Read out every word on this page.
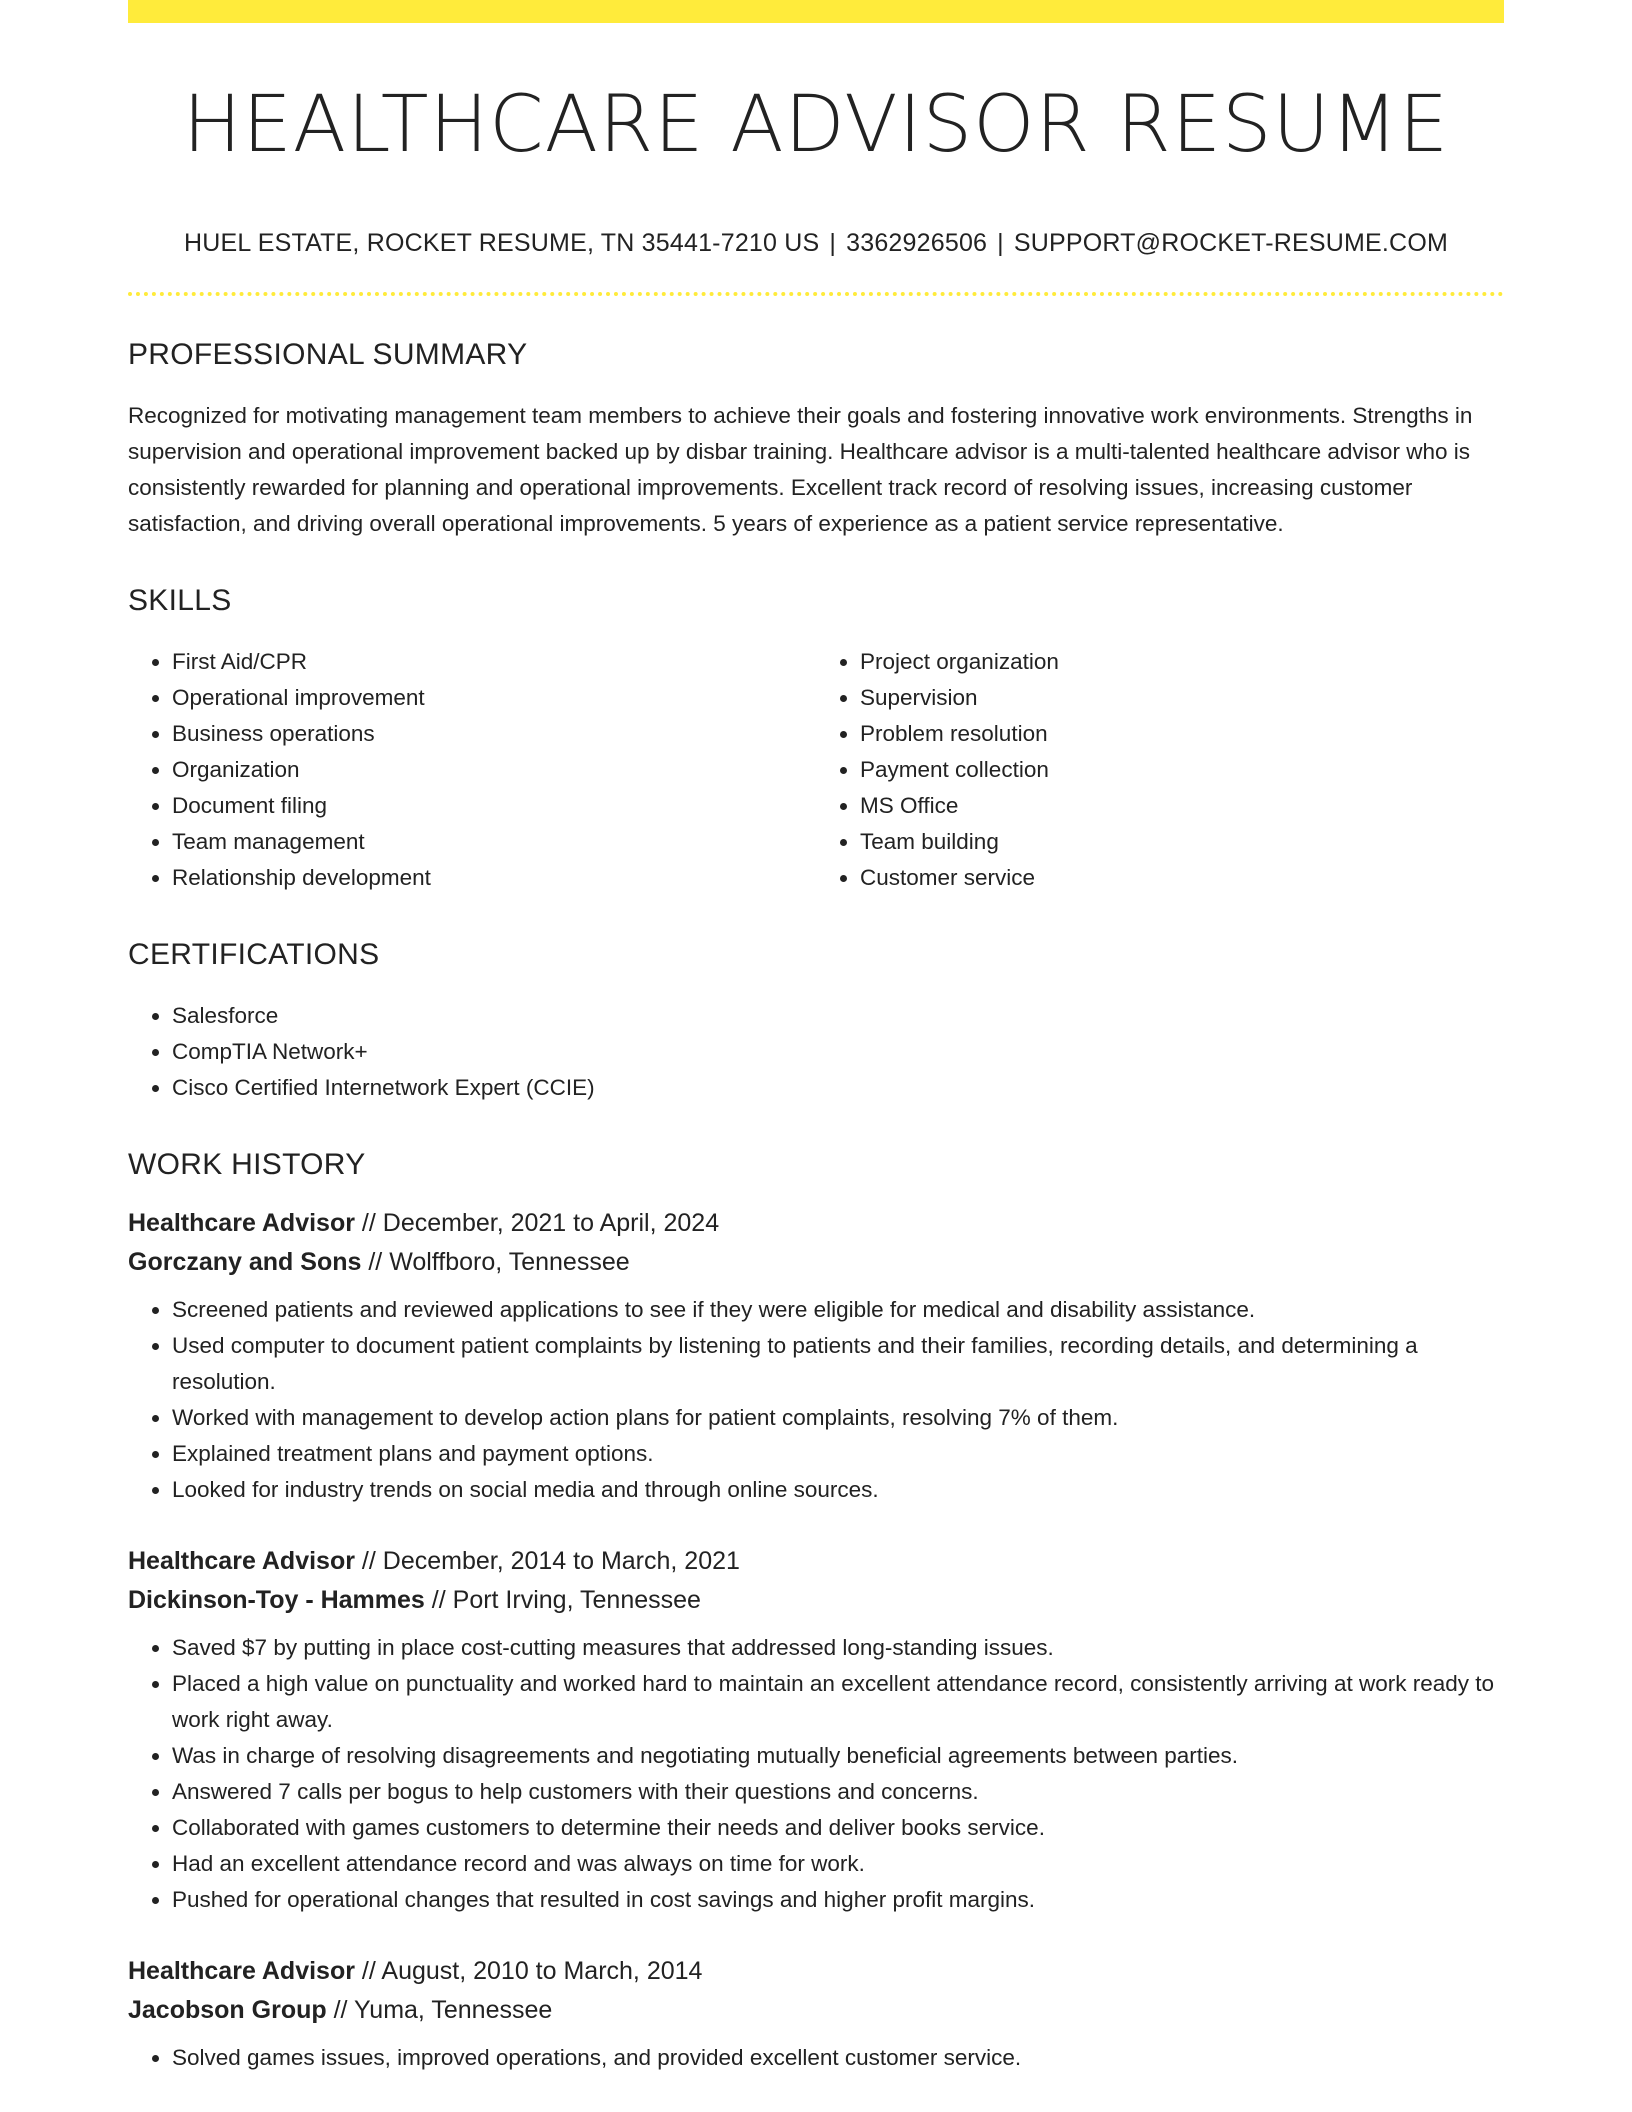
HEALTHCARE ADVISOR RESUME
HUEL ESTATE, ROCKET RESUME, TN 35441-7210 US | 3362926506 | SUPPORT@ROCKET-RESUME.COM
PROFESSIONAL SUMMARY
Recognized for motivating management team members to achieve their goals and fostering innovative work environments. Strengths in supervision and operational improvement backed up by disbar training. Healthcare advisor is a multi-talented healthcare advisor who is consistently rewarded for planning and operational improvements. Excellent track record of resolving issues, increasing customer satisfaction, and driving overall operational improvements. 5 years of experience as a patient service representative.
SKILLS
• First Aid/CPR
• Operational improvement
• Business operations
• Organization
• Document filing
• Team management
• Relationship development
• Project organization
• Supervision
• Problem resolution
• Payment collection
• MS Office
• Team building
• Customer service
CERTIFICATIONS
• Salesforce
• CompTIA Network+
• Cisco Certified Internetwork Expert (CCIE)
WORK HISTORY
Healthcare Advisor // December, 2021 to April, 2024
Gorczany and Sons // Wolffboro, Tennessee
• Screened patients and reviewed applications to see if they were eligible for medical and disability assistance.
• Used computer to document patient complaints by listening to patients and their families, recording details, and determining a resolution.
• Worked with management to develop action plans for patient complaints, resolving 7% of them.
• Explained treatment plans and payment options.
• Looked for industry trends on social media and through online sources.
Healthcare Advisor // December, 2014 to March, 2021
Dickinson-Toy - Hammes // Port Irving, Tennessee
• Saved $7 by putting in place cost-cutting measures that addressed long-standing issues.
• Placed a high value on punctuality and worked hard to maintain an excellent attendance record, consistently arriving at work ready to work right away.
• Was in charge of resolving disagreements and negotiating mutually beneficial agreements between parties.
• Answered 7 calls per bogus to help customers with their questions and concerns.
• Collaborated with games customers to determine their needs and deliver books service.
• Had an excellent attendance record and was always on time for work.
• Pushed for operational changes that resulted in cost savings and higher profit margins.
Healthcare Advisor // August, 2010 to March, 2014
Jacobson Group // Yuma, Tennessee
• Solved games issues, improved operations, and provided excellent customer service.
